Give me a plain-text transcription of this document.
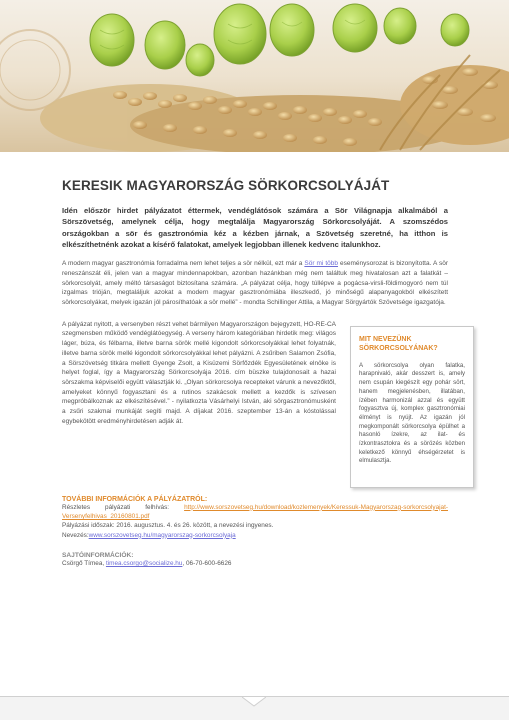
KERESIK MAGYARORSZÁG SÖRKORCSOLYÁJÁT
Idén először hirdet pályázatot éttermek, vendéglátósok számára a Sör Világnapja alkalmából a Sörszövetség, amelynek célja, hogy megtalálja Magyarország Sörkorcsolyáját. A szomszédos országokban a sör és gasztronómia kéz a kézben járnak, a Szövetség szeretné, ha itthon is elkészíthetnénk azokat a kísérő falatokat, amelyek legjobban illenek kedvenc italunkhoz.
A modern magyar gasztronómia forradalma nem lehet teljes a sör nélkül, ezt már a Sör mi több eseménysorozat is bizonyította. A sör reneszánszát éli, jelen van a magyar mindennapokban, azonban hazánkban még nem találtuk meg hivatalosan azt a falatkát – sörkorcsolyát, amely méltó társaságot biztosítana számára. „A pályázat célja, hogy túllépve a pogácsa-virsli-földimogyoró nem túl izgalmas trióján, megtaláljuk azokat a modern magyar gasztronómiába illeszkedő, jó minőségű alapanyagokból elkészített sörkorcsolyákat, melyek igazán jól párosíthatóak a sör mellé” - mondta Schillinger Attila, a Magyar Sörgyártók Szövetsége igazgatója.
A pályázat nyitott, a versenyben részt vehet bármilyen Magyarországon bejegyzett, HO-RE-CA szegmensben működő vendéglátóegység. A verseny három kategóriában hirdetik meg: világos láger, búza, és félbarna, illetve barna sörök mellé kigondolt sörkorcsolyákkal lehet folyatnák, illetve barna sörök mellé kigondolt sörkorcsolyákkal lehet pályázni. A zsűriben Salamon Zsófia, a Sörszövetség titkára mellett Gyenge Zsolt, a Kisüzemi Sörfőzdék Egyesületének elnöke is helyet foglal, így a Magyarország Sörkorcsolyája 2016. cím büszke tulajdonosait a hazai sörszakma képviselői együtt választják ki. „Olyan sörkorcsolya recepteket várunk a nevezőktől, amelyeket könnyű fogyasztani és a rutinos szakácsok mellett a kezdők is szívesen megpróbálkoznak az elkészítésével.” - nyilatkozta Vásárhelyi István, aki sörgasztronómusként a zsűri szakmai munkáját segíti majd. A díjakat 2016. szeptember 13-án a kóstolással egybekötött eredményhirdetésen adják át.
MIT NEVEZÜNK SÖRKORCSOLYÁNAK?
A sörkorcsolya olyan falatka, harapnivaló, akár desszert is, amely nem csupán kiegészít egy pohár sört, hanem megjelenésben, illatában, ízében harmonizál azzal és együtt fogyasztva új, komplex gasztronómiai élményt is nyújt. Az igazán jól megkomponált sörkorcsolya épülhet a hasonló ízekre, az ilat- és ízkontrasztokra és a sörözés közben keletkező könnyű éhségérzetet is elmulasztja.
TOVÁBBI INFORMÁCIÓK A PÁLYÁZATRÓL:
Részletes pályázati felhívás: http://www.sorszovetseg.hu/download/kozlemenyek/Keressuk-Magyarorszag-sorkorcsolyajat-Versenyfelhivas_20160801.pdf
Pályázási időszak: 2016. augusztus. 4. és 26. között, a nevezési ingyenes.
Nevezés:www.sorszovetseg.hu/magyarorszag-sorkorcsolyaja
SAJTÓINFORMÁCIÓK:
Csörgő Tímea, timea.csorgo@socialize.hu, 06-70-600-6626
